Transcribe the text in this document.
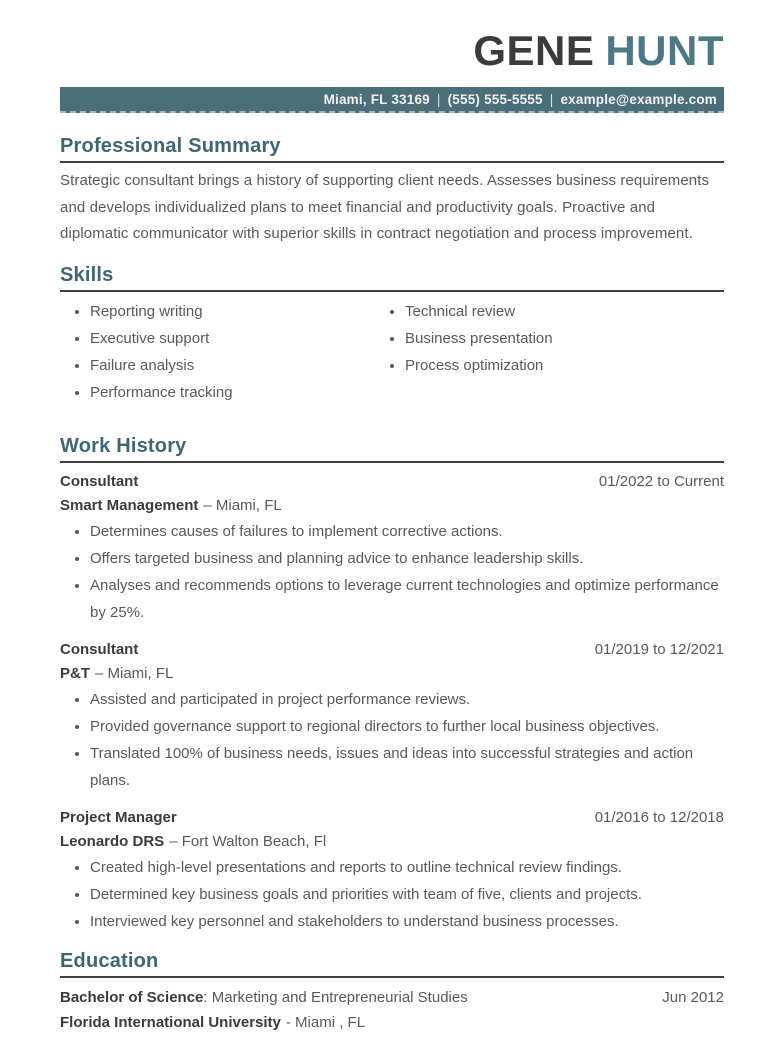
GENE HUNT
Miami, FL 33169 | (555) 555-5555 | example@example.com
Professional Summary
Strategic consultant brings a history of supporting client needs. Assesses business requirements and develops individualized plans to meet financial and productivity goals. Proactive and diplomatic communicator with superior skills in contract negotiation and process improvement.
Skills
• Reporting writing
• Executive support
• Failure analysis
• Performance tracking
• Technical review
• Business presentation
• Process optimization
Work History
Consultant	01/2022 to Current
Smart Management – Miami, FL
• Determines causes of failures to implement corrective actions.
• Offers targeted business and planning advice to enhance leadership skills.
• Analyses and recommends options to leverage current technologies and optimize performance by 25%.
Consultant	01/2019 to 12/2021
P&T – Miami, FL
• Assisted and participated in project performance reviews.
• Provided governance support to regional directors to further local business objectives.
• Translated 100% of business needs, issues and ideas into successful strategies and action plans.
Project Manager	01/2016 to 12/2018
Leonardo DRS – Fort Walton Beach, Fl
• Created high-level presentations and reports to outline technical review findings.
• Determined key business goals and priorities with team of five, clients and projects.
• Interviewed key personnel and stakeholders to understand business processes.
Education
Bachelor of Science: Marketing and Entrepreneurial Studies	Jun 2012
Florida International University - Miami , FL
